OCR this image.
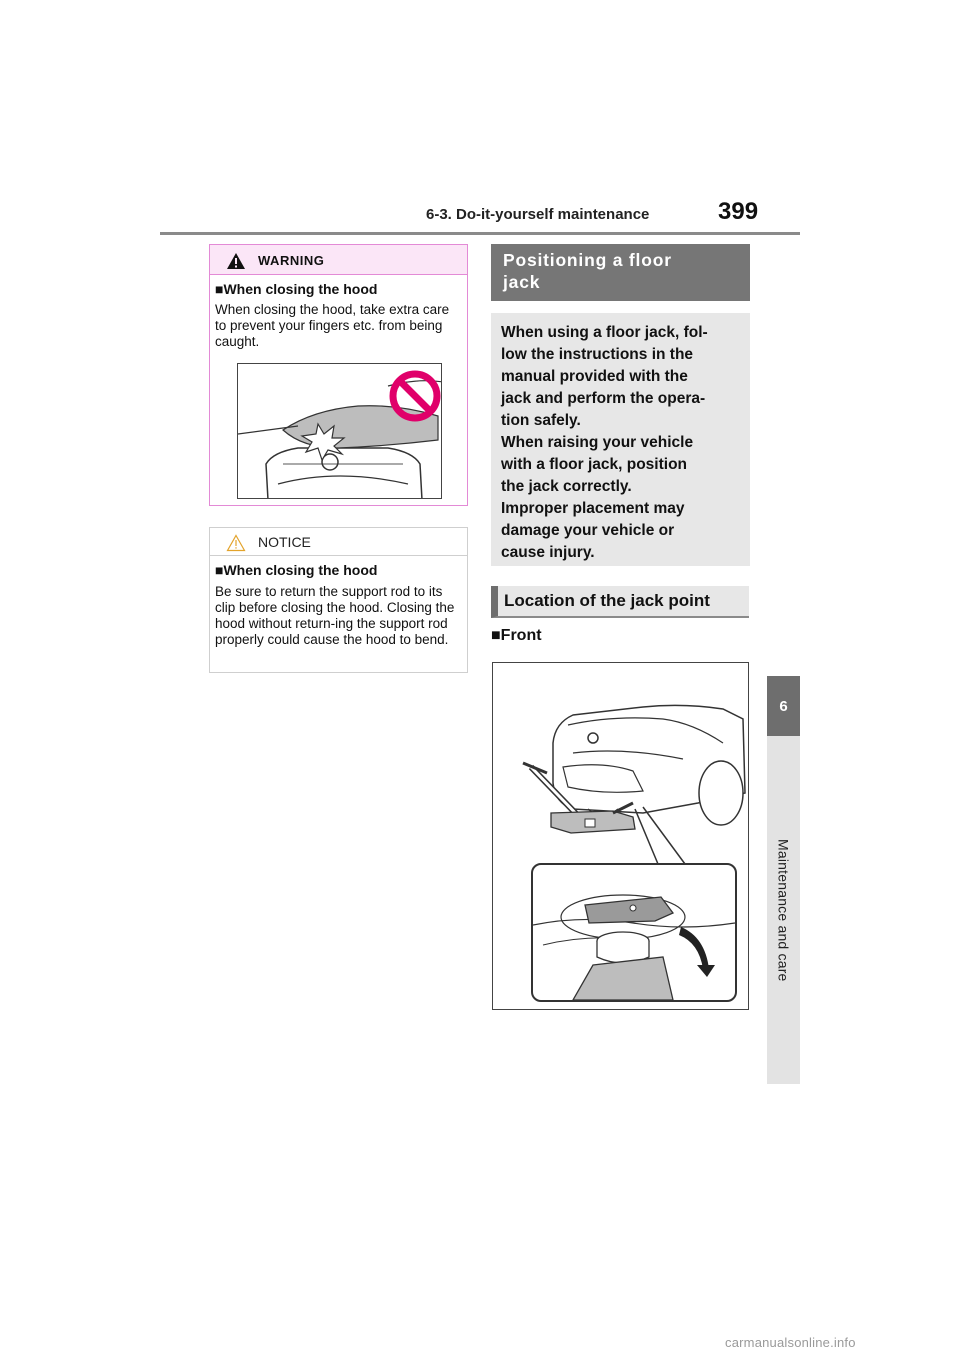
6-3. Do-it-yourself maintenance	399
6
Maintenance and care
WARNING
■When closing the hood
When closing the hood, take extra care to prevent your fingers etc. from being caught.
NOTICE
■When closing the hood
Be sure to return the support rod to its clip before closing the hood. Closing the hood without return-ing the support rod properly could cause the hood to bend.
Positioning a floor
jack
When using a floor jack, fol-
low the instructions in the
manual provided with the
jack and perform the opera-
tion safely.
When raising your vehicle
with a floor jack, position
the jack correctly.
Improper placement may
damage your vehicle or
cause injury.
Location of the jack point
■Front
carmanualsonline.info
